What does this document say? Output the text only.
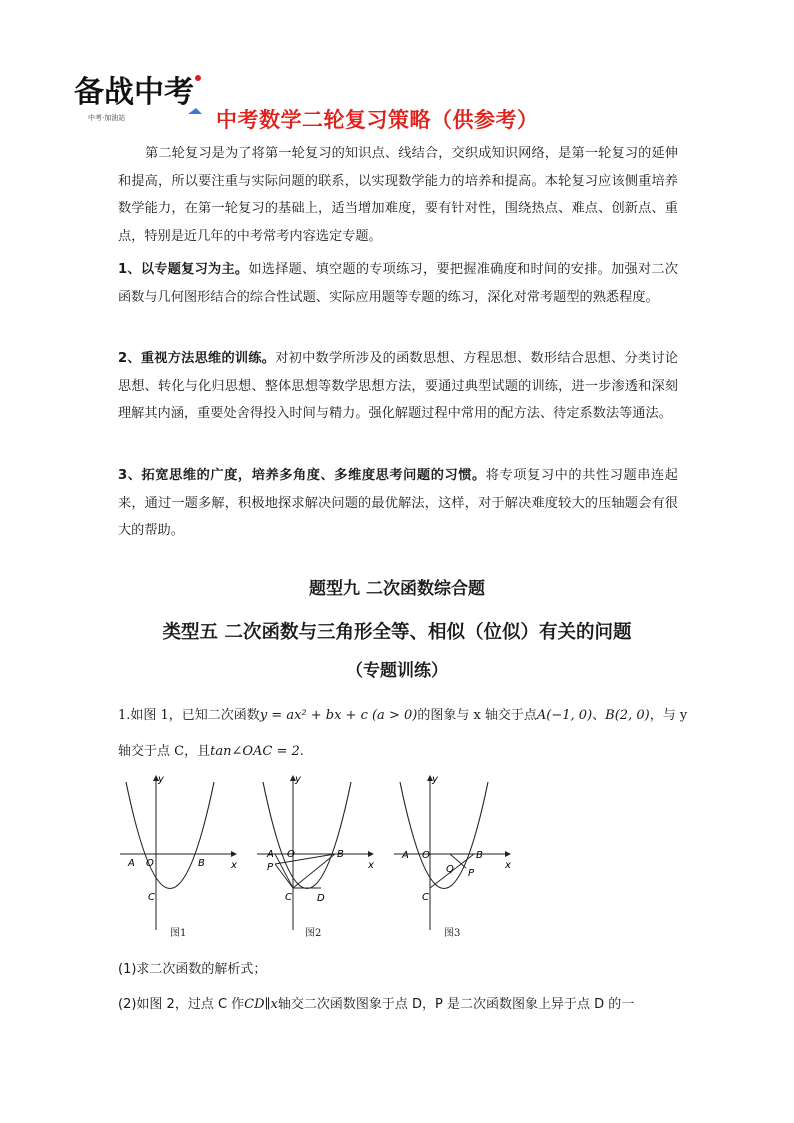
备战中考
中考·加油站	中考数学二轮复习策略（供参考）

第二轮复习是为了将第一轮复习的知识点、线结合，交织成知识网络，是第一轮复习的延伸和提高，所以要注重与实际问题的联系，以实现数学能力的培养和提高。本轮复习应该侧重培养数学能力，在第一轮复习的基础上，适当增加难度，要有针对性，围绕热点、难点、创新点、重点，特别是近几年的中考常考内容选定专题。

1、以专题复习为主。如选择题、填空题的专项练习，要把握准确度和时间的安排。加强对二次函数与几何图形结合的综合性试题、实际应用题等专题的练习，深化对常考题型的熟悉程度。

2、重视方法思维的训练。对初中数学所涉及的函数思想、方程思想、数形结合思想、分类讨论思想、转化与化归思想、整体思想等数学思想方法，要通过典型试题的训练，进一步渗透和深刻理解其内涵，重要处舍得投入时间与精力。强化解题过程中常用的配方法、待定系数法等通法。

3、拓宽思维的广度，培养多角度、多维度思考问题的习惯。将专项复习中的共性习题串连起来，通过一题多解，积极地探求解决问题的最优解法，这样，对于解决难度较大的压轴题会有很大的帮助。

题型九 二次函数综合题
类型五 二次函数与三角形全等、相似（位似）有关的问题
（专题训练）
1.如图 1，已知二次函数y = ax² + bx + c (a > 0)的图象与 x 轴交于点A(−1, 0)、B(2, 0)，与 y
轴交于点 C，且tan∠OAC = 2.
y
x
A O	B
C
图1
y
x
A O	B
P
C	D
图2
y
x
A O	B
Q P
C
图3
(1)求二次函数的解析式；
(2)如图 2，过点 C 作CD∥x轴交二次函数图象于点 D，P 是二次函数图象上异于点 D 的一
